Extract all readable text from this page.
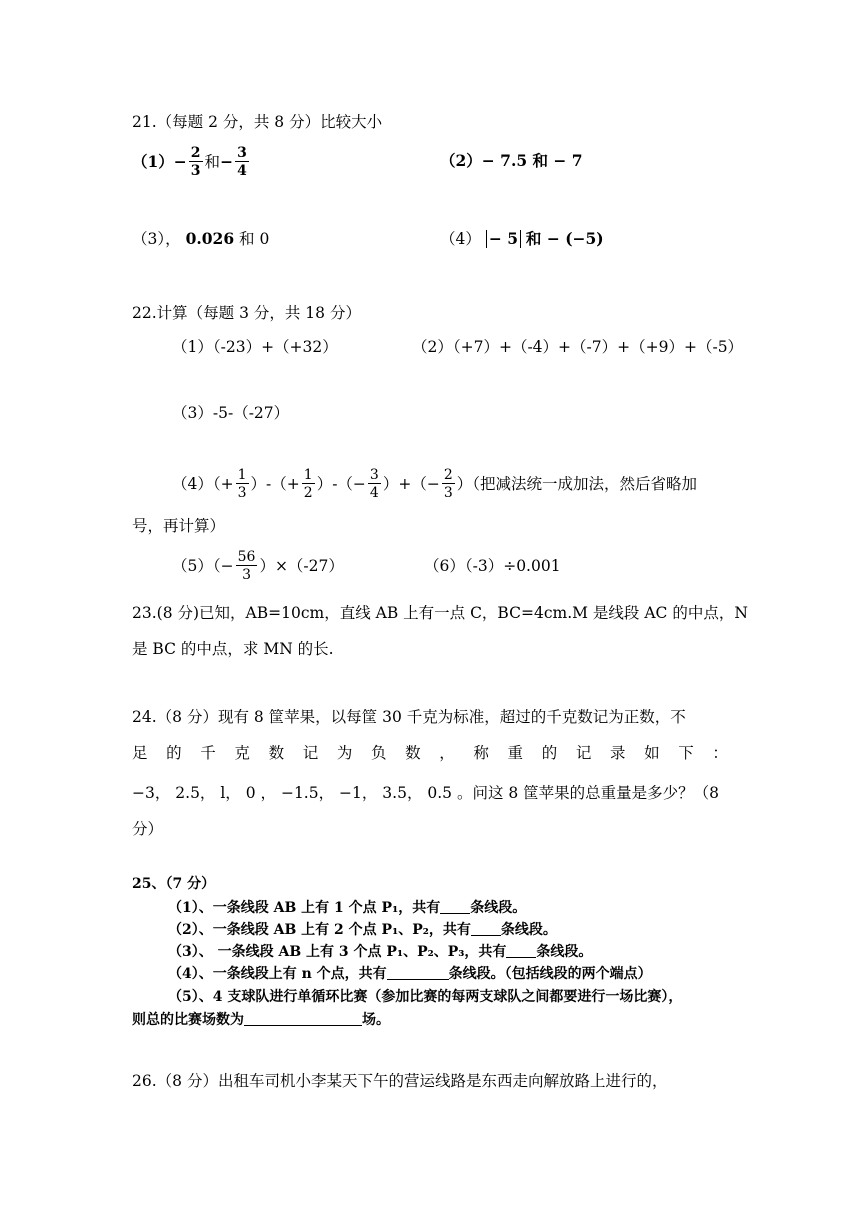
21.（每题 2 分，共 8 分）比较大小
$(1) - \frac{2}{3}$ 和 − $\frac{3}{4}$	（2）− 7.5 和 − 7
（3）， 0.026 和 0	（4） − 5 和 − (−5)
22.计算（每题 3 分，共 18 分）
（1）（-23）+（+32）	（2）（+7）+（-4）+（-7）+（+9）+（-5）
（3）-5-（-27）
$(4)(+ \frac{1}{3}$ ）-（+ $\frac{1}{2}$ ）-（− $\frac{3}{4}$ ）+（− $\frac{2}{3}$ ）（把减法统一成加法，然后省略加
号，再计算）
$(5)(- \frac{56}{3} )\times(-27)$	（6）（-3）÷0.001
23.(8 分)已知，AB=10cm，直线 AB 上有一点 C，BC=4cm.M 是线段 AC 的中点，N
是 BC 的中点，求 MN 的长.
24.（8 分）现有 8 筐苹果，以每筐 30 千克为标准，超过的千克数记为正数，不
足 的 千 克 数 记 为 负 数 ， 称 重 的 记 录 如 下 ：
−3， 2.5， l， 0 ， −1.5， −1， 3.5， 0.5 。问这 8 筐苹果的总重量是多少？（8
分）
25、（7 分）
（1）、一条线段 AB 上有 1 个点 P₁，共有 条线段。
（2）、一条线段 AB 上有 2 个点 P₁、P₂，共有 条线段。
（3）、 一条线段 AB 上有 3 个点 P₁、P₂、P₃，共有 条线段。
（4）、一条线段上有 n 个点，共有	条线段。（包括线段的两个端点）
（5）、4 支球队进行单循环比赛（参加比赛的每两支球队之间都要进行一场比赛），
则总的比赛场数为	场。
26.（8 分）出租车司机小李某天下午的营运线路是东西走向解放路上进行的，
